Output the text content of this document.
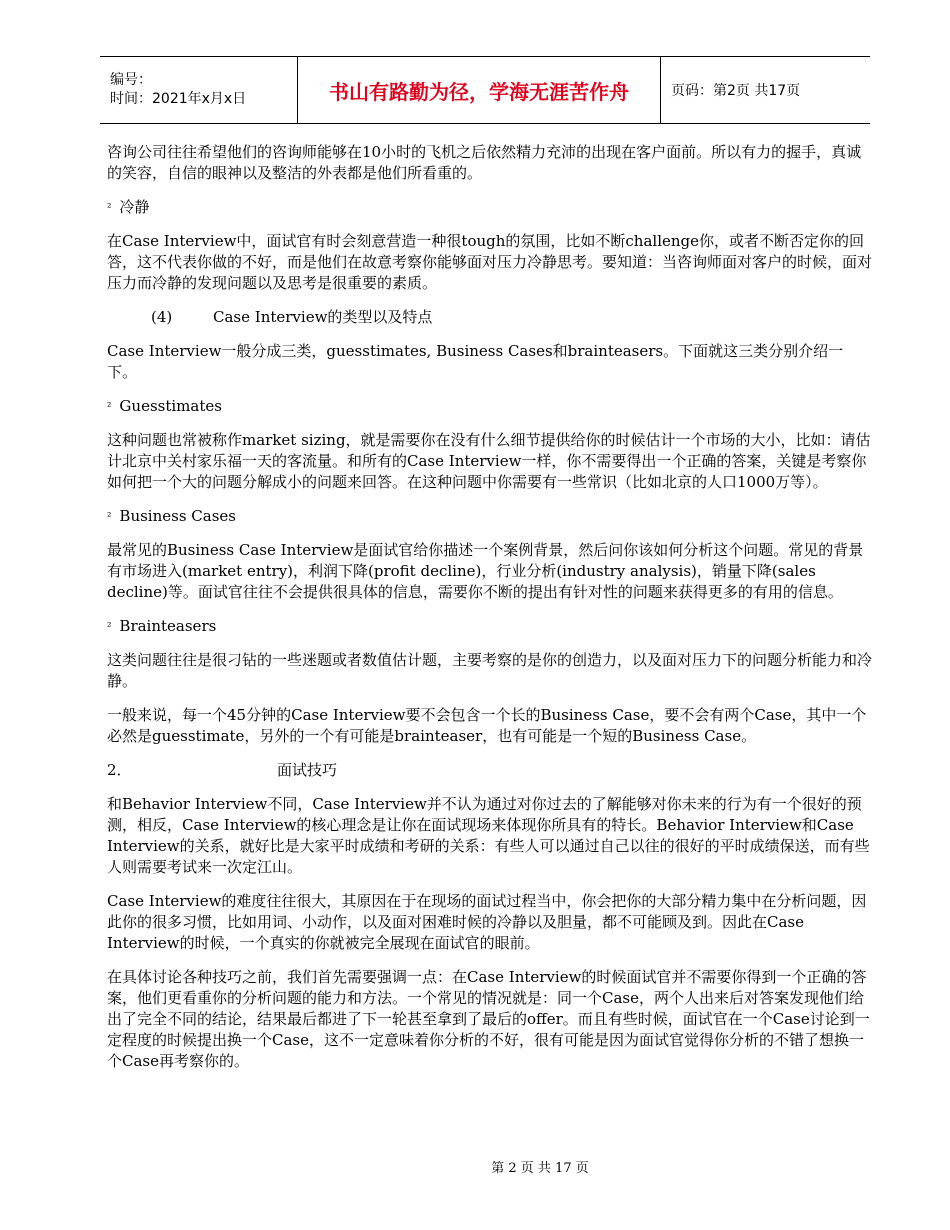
编号：
时间：2021年x月x日	书山有路勤为径，学海无涯苦作舟	页码：第2页 共17页

咨询公司往往希望他们的咨询师能够在10小时的飞机之后依然精力充沛的出现在客户面前。所以有力的握手，真诚的笑容，自信的眼神以及整洁的外表都是他们所看重的。

$^{^2}$ 冷静

在Case Interview中，面试官有时会刻意营造一种很tough的氛围，比如不断challenge你，或者不断否定你的回答，这不代表你做的不好，而是他们在故意考察你能够面对压力冷静思考。要知道：当咨询师面对客户的时候，面对压力而冷静的发现问题以及思考是很重要的素质。

(4)	Case Interview的类型以及特点

Case Interview一般分成三类，guesstimates, Business Cases和brainteasers。下面就这三类分别介绍一下。

$^{^2}$ Guesstimates

这种问题也常被称作market sizing，就是需要你在没有什么细节提供给你的时候估计一个市场的大小，比如：请估计北京中关村家乐福一天的客流量。和所有的Case Interview一样，你不需要得出一个正确的答案，关键是考察你如何把一个大的问题分解成小的问题来回答。在这种问题中你需要有一些常识（比如北京的人口1000万等）。

$^{^2}$ Business Cases

最常见的Business Case Interview是面试官给你描述一个案例背景，然后问你该如何分析这个问题。常见的背景有市场进入(market entry)，利润下降(profit decline)，行业分析(industry analysis)，销量下降(sales decline)等。面试官往往不会提供很具体的信息，需要你不断的提出有针对性的问题来获得更多的有用的信息。

$^{^2}$ Brainteasers

这类问题往往是很刁钻的一些迷题或者数值估计题，主要考察的是你的创造力，以及面对压力下的问题分析能力和冷静。

一般来说，每一个45分钟的Case Interview要不会包含一个长的Business Case，要不会有两个Case，其中一个必然是guesstimate，另外的一个有可能是brainteaser，也有可能是一个短的Business Case。

2．	面试技巧

和Behavior Interview不同，Case Interview并不认为通过对你过去的了解能够对你未来的行为有一个很好的预测，相反，Case Interview的核心理念是让你在面试现场来体现你所具有的特长。Behavior Interview和Case Interview的关系，就好比是大家平时成绩和考研的关系：有些人可以通过自己以往的很好的平时成绩保送，而有些人则需要考试来一次定江山。

Case Interview的难度往往很大，其原因在于在现场的面试过程当中，你会把你的大部分精力集中在分析问题，因此你的很多习惯，比如用词、小动作，以及面对困难时候的冷静以及胆量，都不可能顾及到。因此在Case Interview的时候，一个真实的你就被完全展现在面试官的眼前。

在具体讨论各种技巧之前，我们首先需要强调一点：在Case Interview的时候面试官并不需要你得到一个正确的答案，他们更看重你的分析问题的能力和方法。一个常见的情况就是：同一个Case，两个人出来后对答案发现他们给出了完全不同的结论，结果最后都进了下一轮甚至拿到了最后的offer。而且有些时候，面试官在一个Case讨论到一定程度的时候提出换一个Case，这不一定意味着你分析的不好，很有可能是因为面试官觉得你分析的不错了想换一个Case再考察你的。

第 2 页 共 17 页
